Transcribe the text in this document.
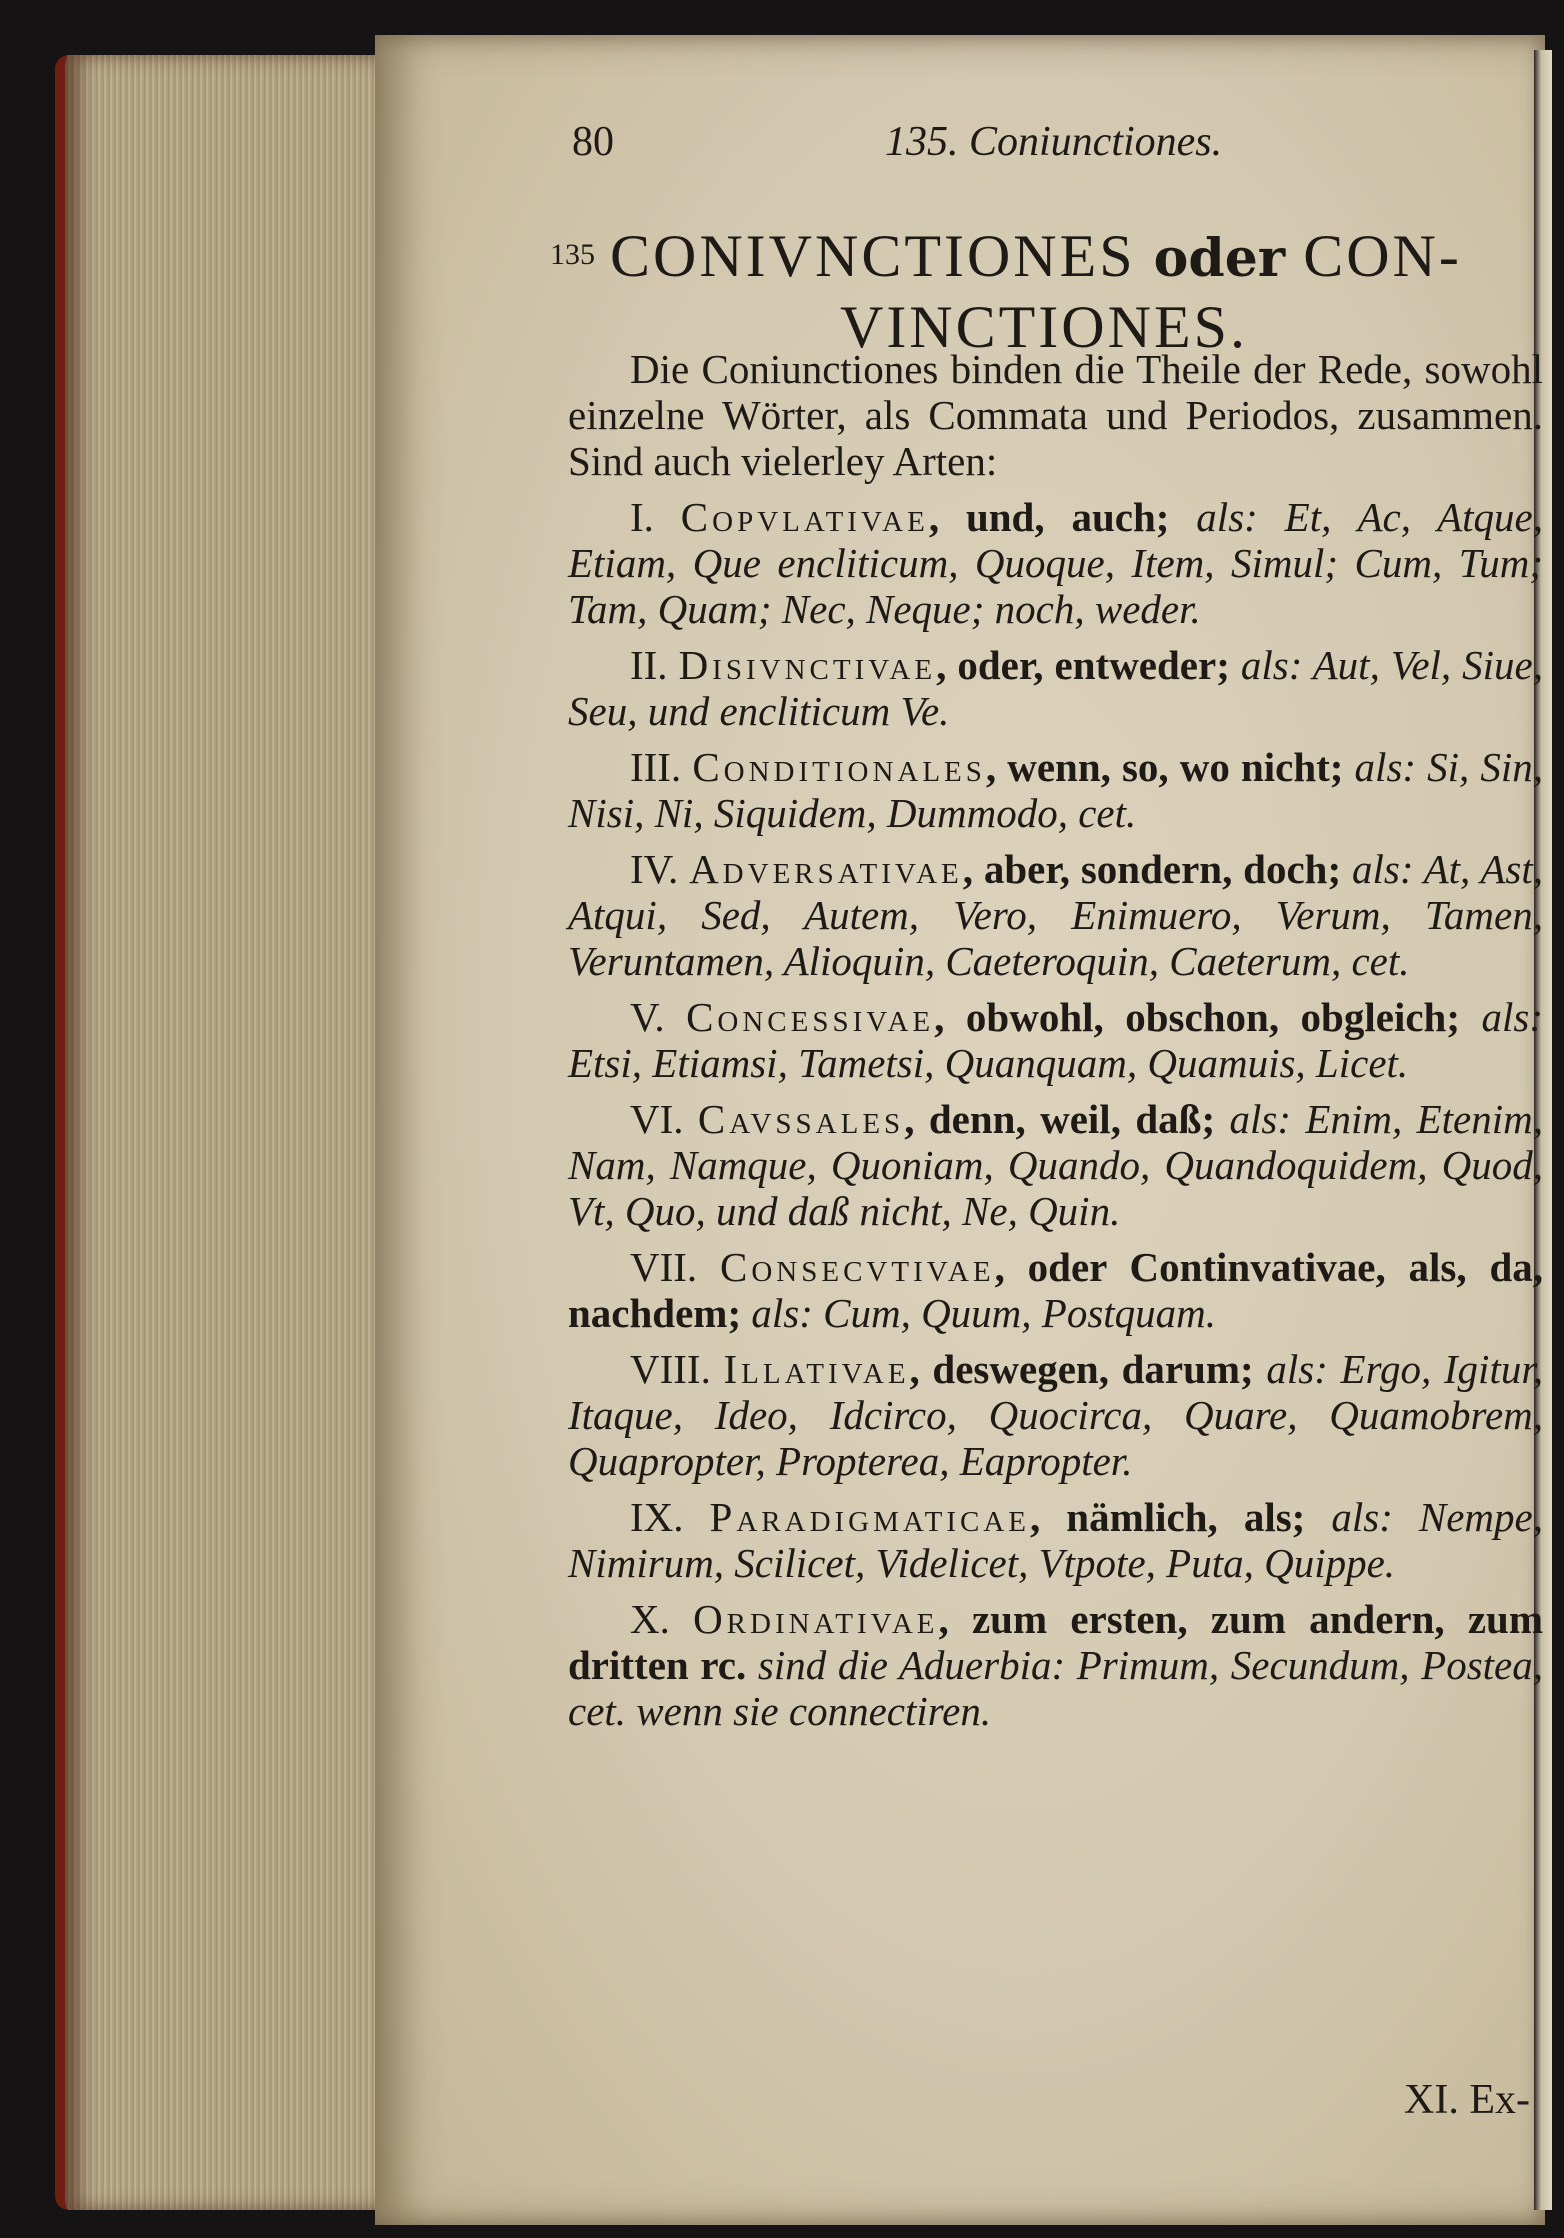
80	135. Coniunctiones.
135 CONIVNCTIONES oder CON-
VINCTIONES.

Die Coniunctiones binden die Theile der Rede, sowohl einzelne Wörter, als Commata und Periodos, zusammen. Sind auch vielerley Arten:

I. Copvlativae, und, auch; als: Et, Ac, Atque, Etiam, Que encliticum, Quoque, Item, Simul; Cum, Tum; Tam, Quam; Nec, Neque; noch, weder.

II. Disivnctivae, oder, entweder; als: Aut, Vel, Siue, Seu, und encliticum Ve.

III. Conditionales, wenn, so, wo nicht; als: Si, Sin, Nisi, Ni, Siquidem, Dummodo, cet.

IV. Adversativae, aber, sondern, doch; als: At, Ast, Atqui, Sed, Autem, Vero, Enimuero, Verum, Tamen, Veruntamen, Alioquin, Caeteroquin, Caeterum, cet.

V. Concessivae, obwohl, obschon, obgleich; als: Etsi, Etiamsi, Tametsi, Quanquam, Quamuis, Licet.

VI. Cavssales, denn, weil, daß; als: Enim, Etenim, Nam, Namque, Quoniam, Quando, Quandoquidem, Quod, Vt, Quo, und daß nicht, Ne, Quin.

VII. Consecvtivae, oder Continvativae, als, da, nachdem; als: Cum, Quum, Postquam.

VIII. Illativae, deswegen, darum; als: Ergo, Igitur, Itaque, Ideo, Idcirco, Quocirca, Quare, Quamobrem, Quapropter, Propterea, Eapropter.

IX. Paradigmaticae, nämlich, als; als: Nempe, Nimirum, Scilicet, Videlicet, Vtpote, Puta, Quippe.

X. Ordinativae, zum ersten, zum andern, zum dritten rc. sind die Aduerbia: Primum, Secundum, Postea, cet. wenn sie connectiren.

XI. Ex-
